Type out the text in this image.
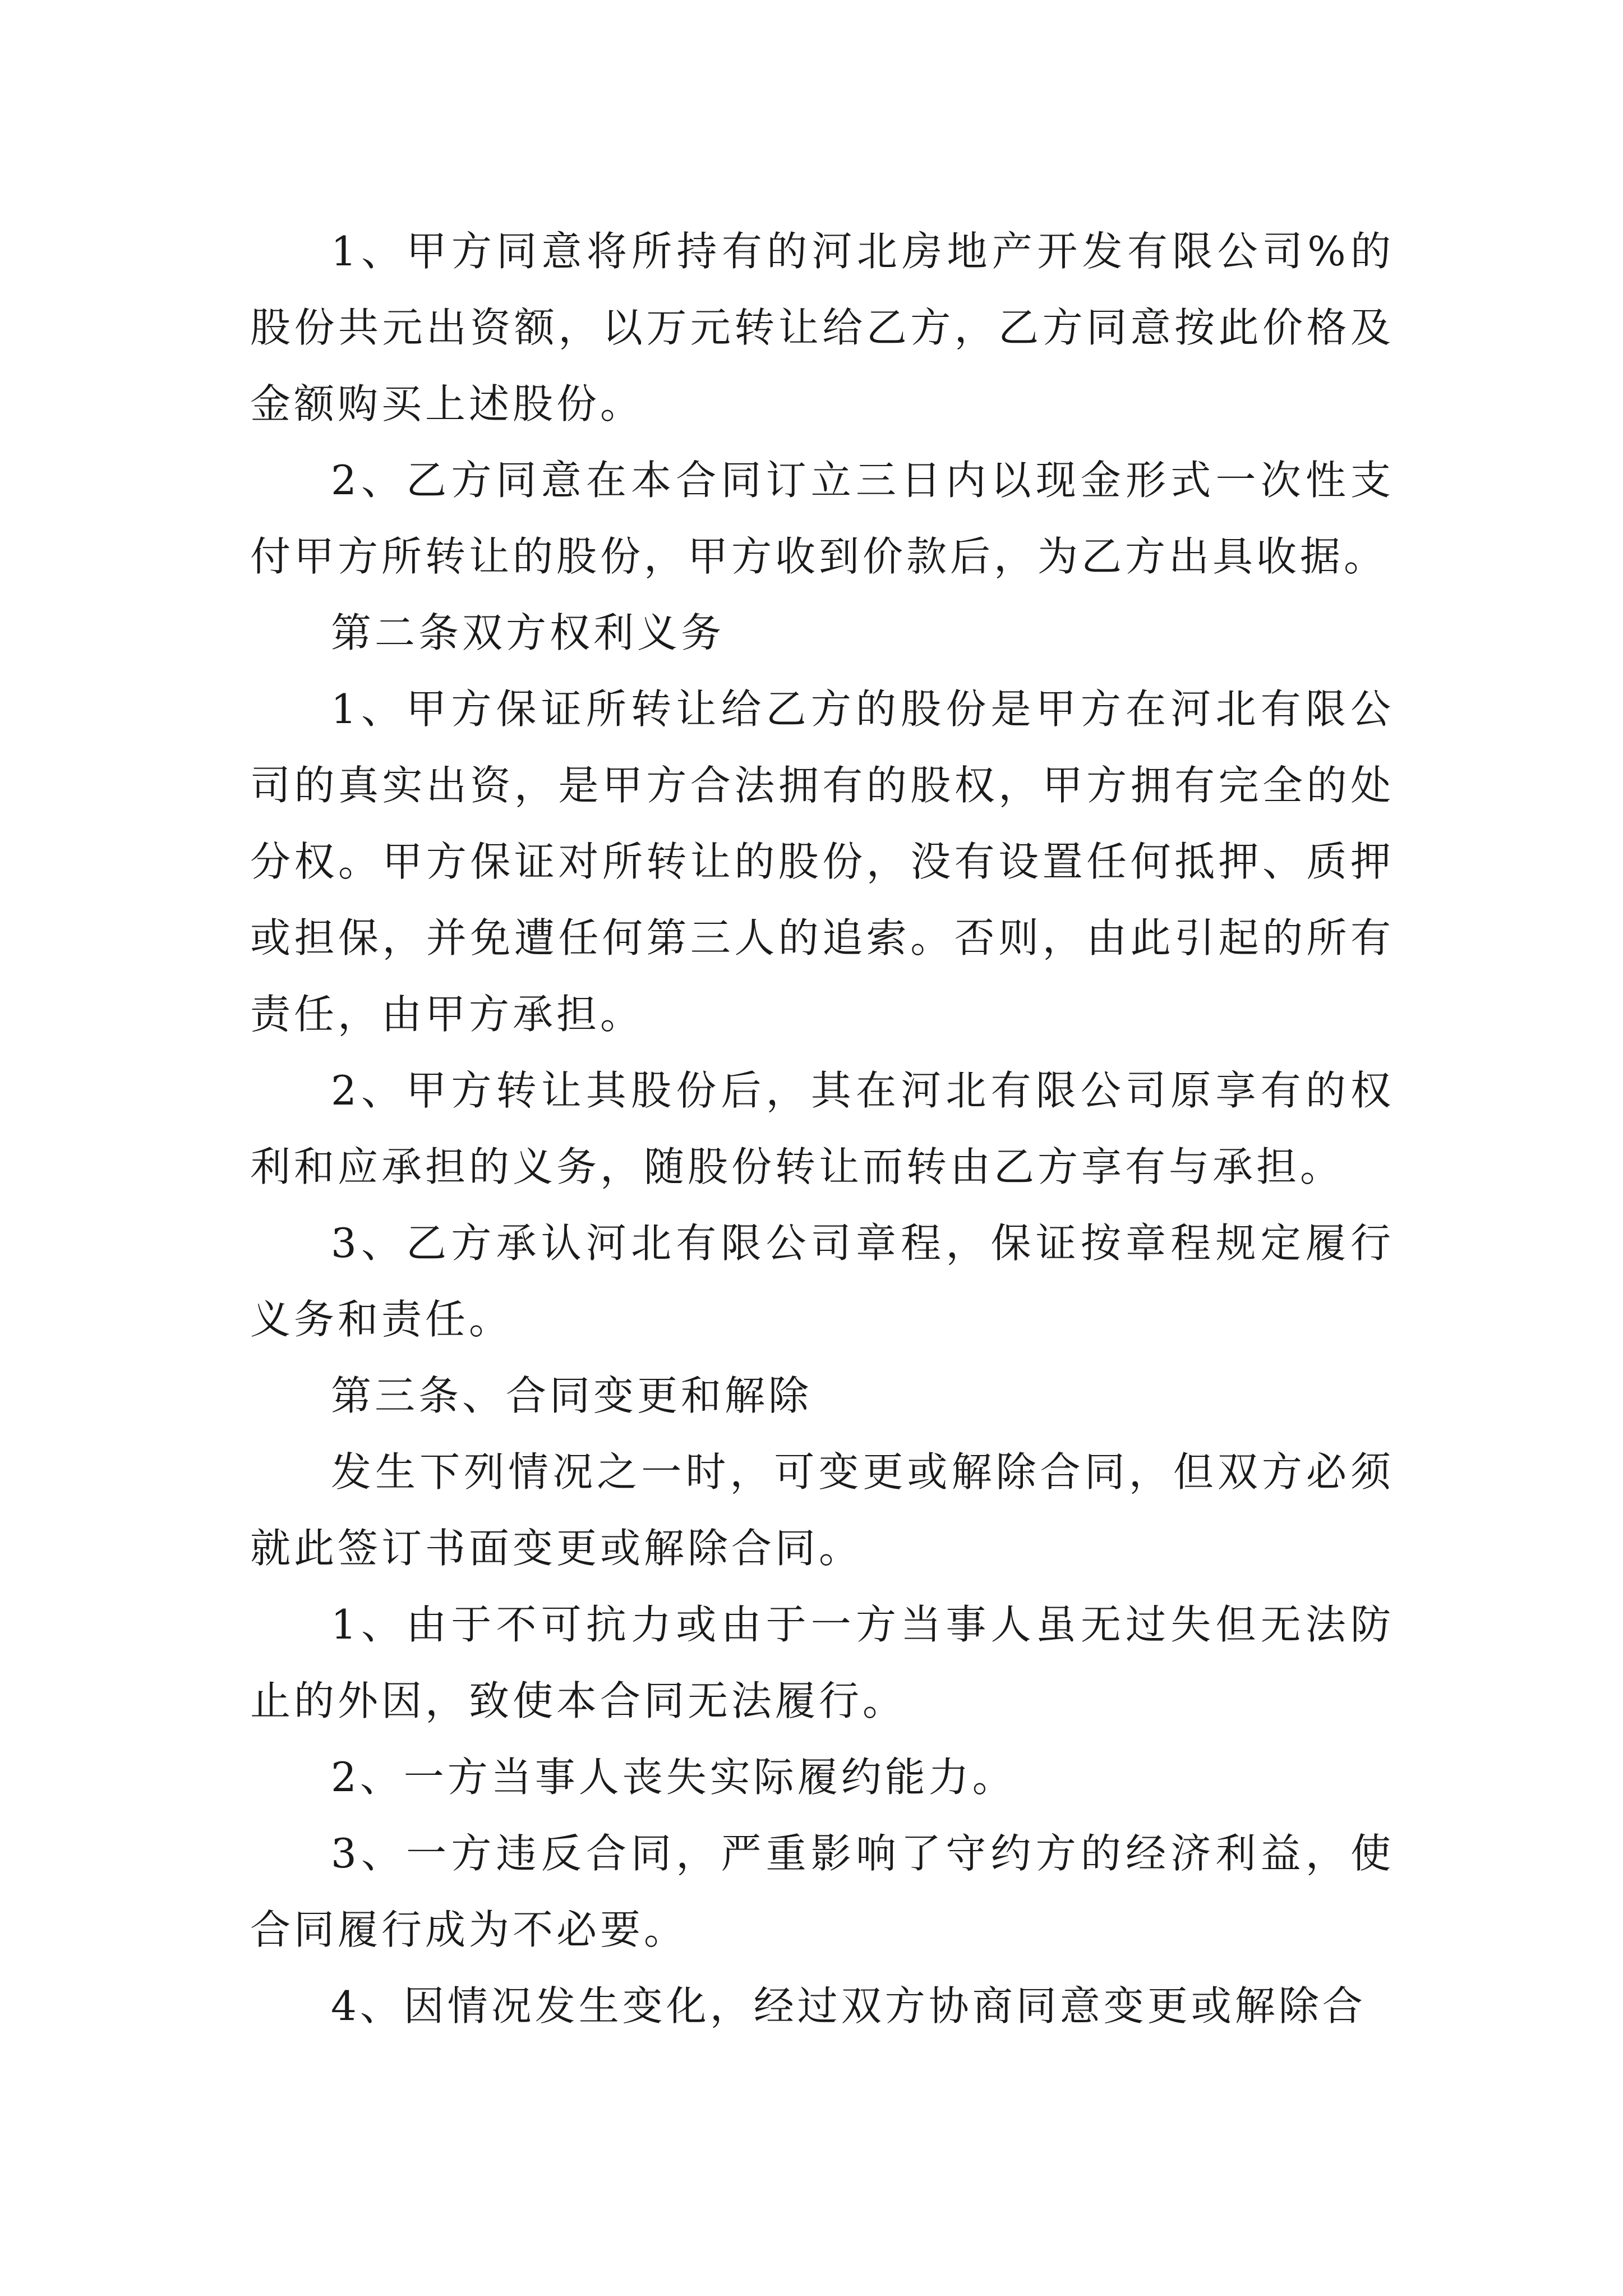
1、甲方同意将所持有的河北房地产开发有限公司%的股份共元出资额，以万元转让给乙方，乙方同意按此价格及金额购买上述股份。

2、乙方同意在本合同订立三日内以现金形式一次性支付甲方所转让的股份，甲方收到价款后，为乙方出具收据。

第二条双方权利义务

1、甲方保证所转让给乙方的股份是甲方在河北有限公司的真实出资，是甲方合法拥有的股权，甲方拥有完全的处分权。甲方保证对所转让的股份，没有设置任何抵押、质押或担保，并免遭任何第三人的追索。否则，由此引起的所有责任，由甲方承担。

2、甲方转让其股份后，其在河北有限公司原享有的权利和应承担的义务，随股份转让而转由乙方享有与承担。

3、乙方承认河北有限公司章程，保证按章程规定履行义务和责任。

第三条、合同变更和解除

发生下列情况之一时，可变更或解除合同，但双方必须就此签订书面变更或解除合同。

1、由于不可抗力或由于一方当事人虽无过失但无法防止的外因，致使本合同无法履行。

2、一方当事人丧失实际履约能力。

3、一方违反合同，严重影响了守约方的经济利益，使合同履行成为不必要。

4、因情况发生变化，经过双方协商同意变更或解除合
